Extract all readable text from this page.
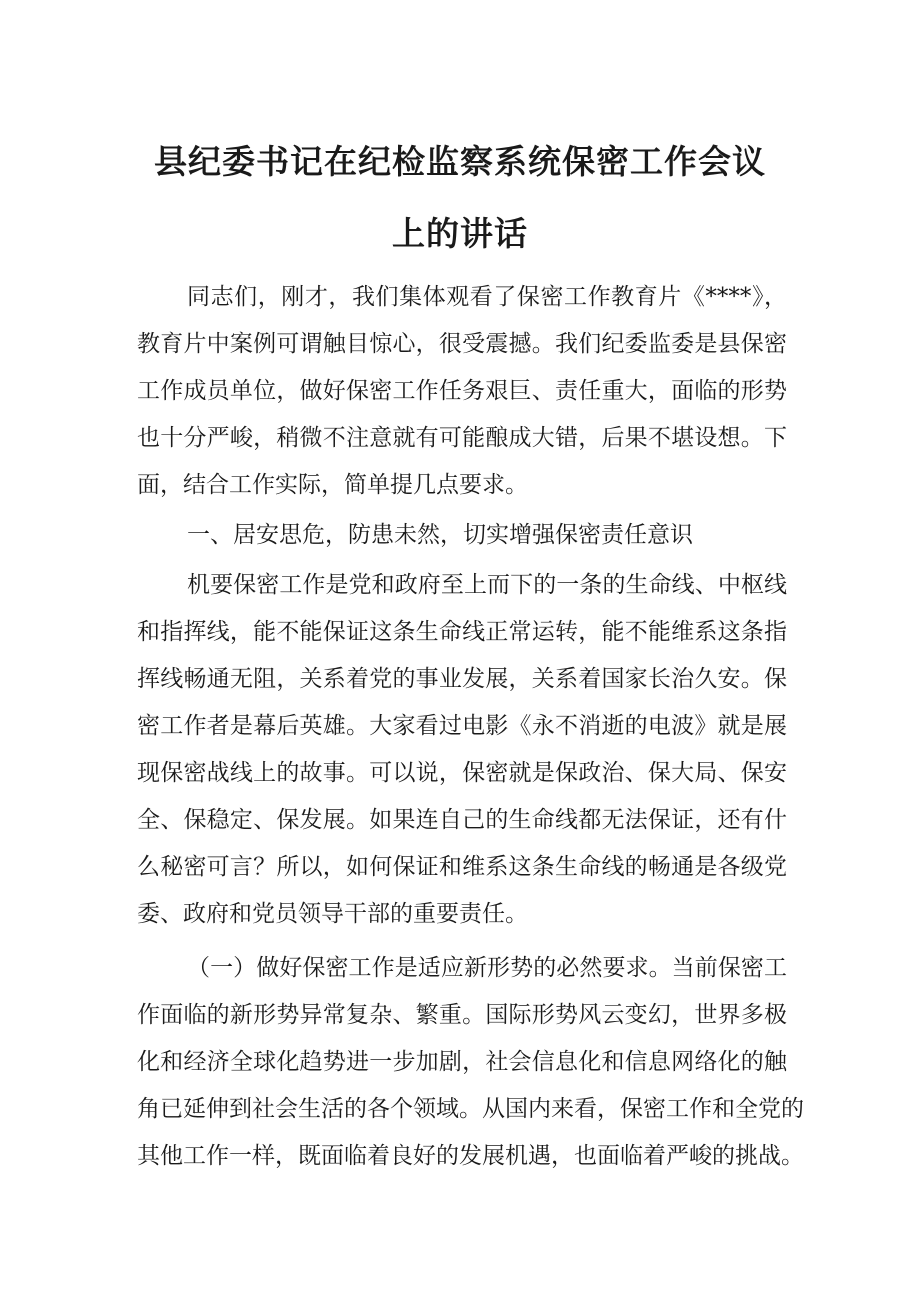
县纪委书记在纪检监察系统保密工作会议
上的讲话

同志们，刚才，我们集体观看了保密工作教育片《****》，

教育片中案例可谓触目惊心，很受震撼。我们纪委监委是县保密

工作成员单位，做好保密工作任务艰巨、责任重大，面临的形势

也十分严峻，稍微不注意就有可能酿成大错，后果不堪设想。下

面，结合工作实际，简单提几点要求。

一、居安思危，防患未然，切实增强保密责任意识

机要保密工作是党和政府至上而下的一条的生命线、中枢线

和指挥线，能不能保证这条生命线正常运转，能不能维系这条指

挥线畅通无阻，关系着党的事业发展，关系着国家长治久安。保

密工作者是幕后英雄。大家看过电影《永不消逝的电波》就是展

现保密战线上的故事。可以说，保密就是保政治、保大局、保安

全、保稳定、保发展。如果连自己的生命线都无法保证，还有什

么秘密可言？所以，如何保证和维系这条生命线的畅通是各级党

委、政府和党员领导干部的重要责任。

（一）做好保密工作是适应新形势的必然要求。当前保密工

作面临的新形势异常复杂、繁重。国际形势风云变幻，世界多极

化和经济全球化趋势进一步加剧，社会信息化和信息网络化的触

角已延伸到社会生活的各个领域。从国内来看，保密工作和全党的

其他工作一样，既面临着良好的发展机遇，也面临着严峻的挑战。
